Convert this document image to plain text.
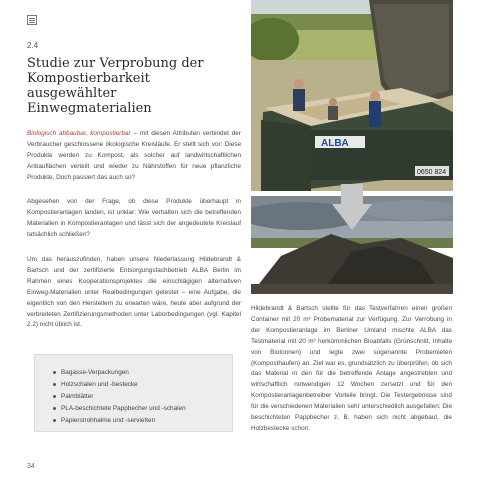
2.4
Studie zur Verprobung der Kompostierbarkeit ausgewählter Einwegmaterialien

Biologisch abbaubar, kompostierbar – mit diesen Attributen verbindet der Verbraucher geschlossene ökologische Kreisläufe. Er stellt sich vor: Diese Produkte werden zu Kompost, als solcher auf landwirtschaftlichen Anbauflächen verteilt und wieder zu Nährstoffen für neue pflanzliche Produkte. Doch passiert das auch so?

Abgesehen von der Frage, ob diese Produkte überhaupt in Kompostieranlagen landen, ist unklar: Wie verhalten sich die betreffenden Materialien in Kompostieranlagen und lässt sich der angedeutete Kreislauf tatsächlich schließen?

Um das herauszufinden, haben unsere Niederlassung Hildebrandt & Bartsch und der zertifizierte Entsorgungsfachbetrieb ALBA Berlin im Rahmen eines Kooperationsprojektes die einschlägigen alternativen Einweg-Materialien unter Realbedingungen getestet – eine Aufgabe, die eigentlich von den Herstellern zu erwarten wäre, heute aber aufgrund der verbreiteten Zertifizierungsmethoden unter Laborbedingungen (vgl. Kapitel 2.2) nicht üblich ist.

Bagasse-Verpackungen
Holzschalen und -bestecke
Palmblätter
PLA-beschichtete Pappbecher und -schalen
Papierstrohhalme und -servietten
34
ALBA
0650 824

Hildebrandt & Bartsch stellte für das Testverfahren einen großen Container mit 20 m³ Probematerial zur Verfügung. Zur Verrobung in der Kompostieranlage im Berliner Umland mischte ALBA das Testmaterial mit 20 m³ herkömmlichen Bioabfalls (Grünschnitt, Inhalte von Biotonnen) und legte zwei sogenannte Probemieten (Komposthaufen) an. Ziel war es, grundsätzlich zu überprüfen, ob sich das Material in den für die betreffende Anlage angestrebten und wirtschaftlich notwendigen 12 Wochen zersetzt und für den Kompostieranlagenbetreiber Vorteile bringt. Die Testergebnisse sind für die verschiedenen Materialien sehr unterschiedlich ausgefallen: Die beschichteten Pappbecher z. B. haben sich nicht abgebaut, die Holzbestecke schon.
